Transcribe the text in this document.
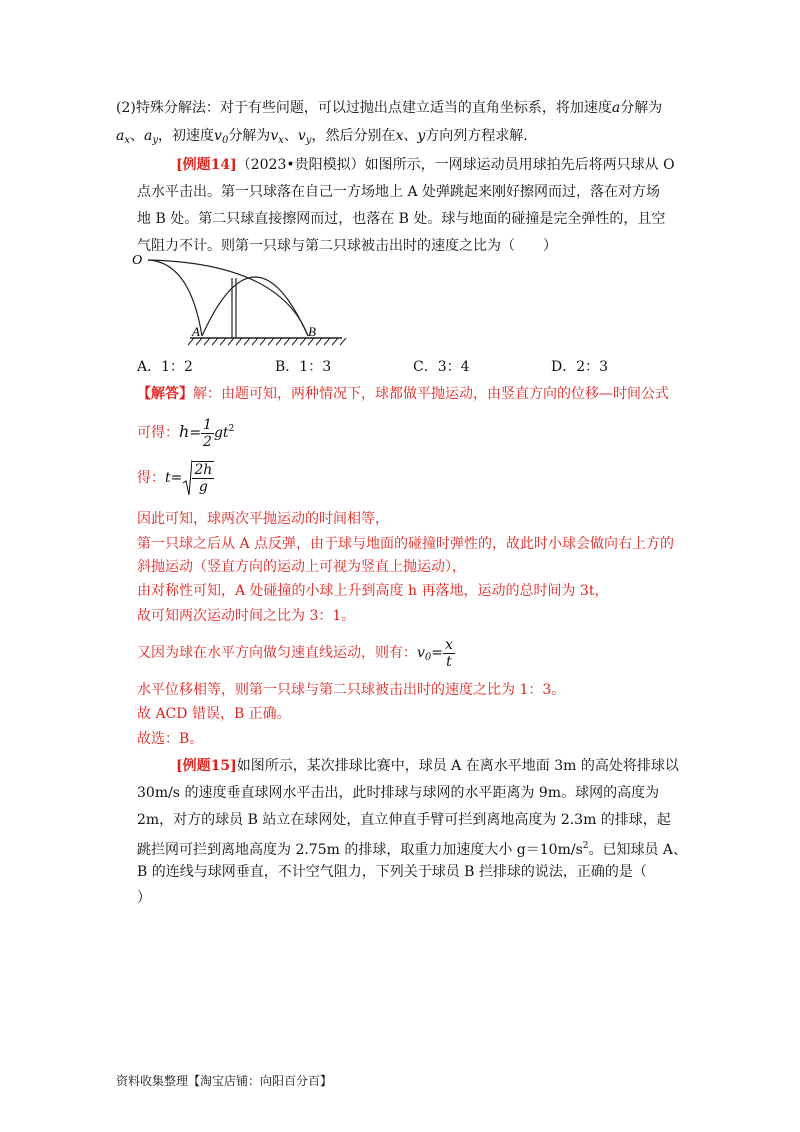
(2)特殊分解法：对于有些问题，可以过抛出点建立适当的直角坐标系，将加速度a分解为
$a_x$、$a_y$，初速度$v_0$分解为$v_x$、$v_y$，然后分别在x、y方向列方程求解.
[例题14]（2023•贵阳模拟）如图所示，一网球运动员用球拍先后将两只球从 O
点水平击出。第一只球落在自己一方场地上 A 处弹跳起来刚好擦网而过，落在对方场
地 B 处。第二只球直接擦网而过，也落在 B 处。球与地面的碰撞是完全弹性的，且空
气阻力不计。则第一只球与第二只球被击出时的速度之比为（　　）
O
A	B
A．1：2	B．1：3	C．3：4	D．2：3
【解答】解：由题可知，两种情况下，球都做平抛运动，由竖直方向的位移—时间公式
可得：$h= \frac{1}{2} gt^2$
得：$t= \frac{2h}{g}$
因此可知，球两次平抛运动的时间相等，
第一只球之后从 A 点反弹，由于球与地面的碰撞时弹性的，故此时小球会做向右上方的
斜抛运动（竖直方向的运动上可视为竖直上抛运动），
由对称性可知，A 处碰撞的小球上升到高度 h 再落地，运动的总时间为 3t，
故可知两次运动时间之比为 3：1。
又因为球在水平方向做匀速直线运动，则有：$v_0= \frac{x}{t}$
水平位移相等，则第一只球与第二只球被击出时的速度之比为 1：3。
故 ACD 错误，B 正确。
故选：B。
[例题15]如图所示，某次排球比赛中，球员 A 在离水平地面 3m 的高处将排球以
30m/s 的速度垂直球网水平击出，此时排球与球网的水平距离为 9m。球网的高度为
2m，对方的球员 B 站立在球网处，直立伸直手臂可拦到离地高度为 2.3m 的排球，起
跳拦网可拦到离地高度为 2.75m 的排球，取重力加速度大小 $g=10m/s^2$。已知球员 A、
B 的连线与球网垂直，不计空气阻力，下列关于球员 B 拦排球的说法，正确的是（
）
资料收集整理【淘宝店铺：向阳百分百】
